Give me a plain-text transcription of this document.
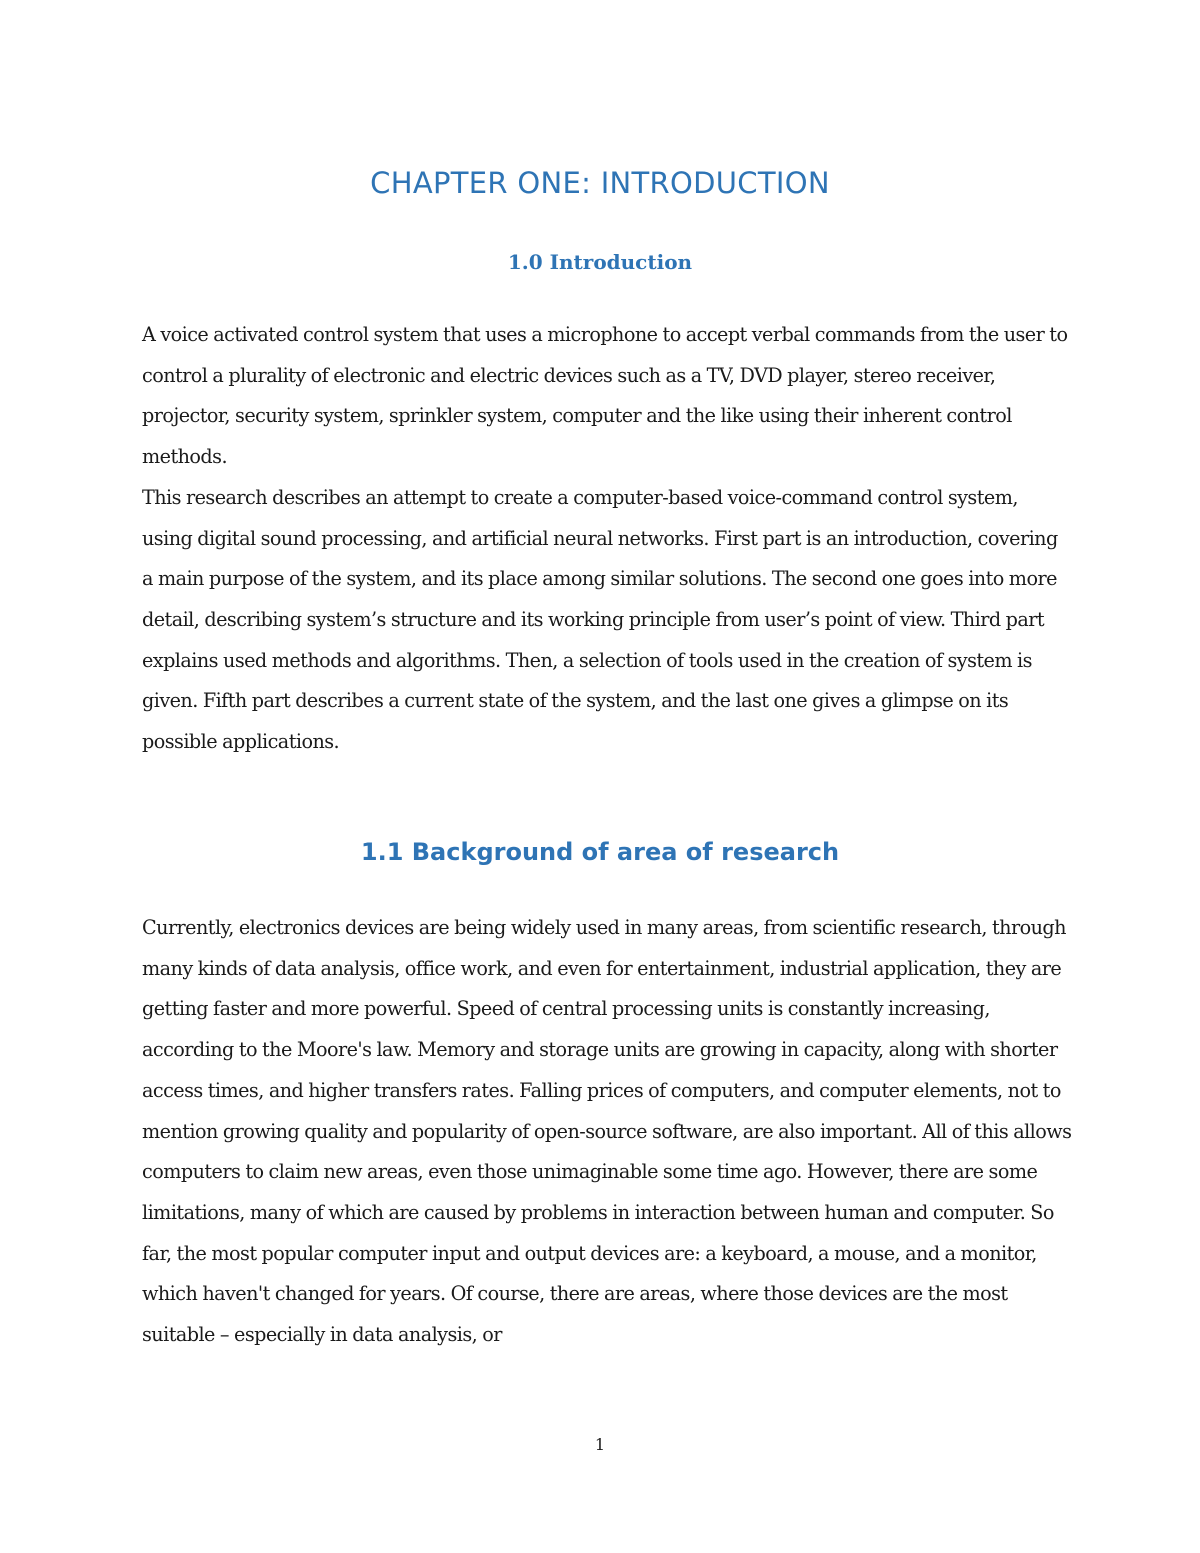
CHAPTER ONE: INTRODUCTION
1.0 Introduction

A voice activated control system that uses a microphone to accept verbal commands from the user to control a plurality of electronic and electric devices such as a TV, DVD player, stereo receiver, projector, security system, sprinkler system, computer and the like using their inherent control methods.

This research describes an attempt to create a computer-based voice-command control system, using digital sound processing, and artificial neural networks. First part is an introduction, covering a main purpose of the system, and its place among similar solutions. The second one goes into more detail, describing system’s structure and its working principle from user’s point of view. Third part explains used methods and algorithms. Then, a selection of tools used in the creation of system is given. Fifth part describes a current state of the system, and the last one gives a glimpse on its possible applications.

1.1 Background of area of research

Currently, electronics devices are being widely used in many areas, from scientific research, through many kinds of data analysis, office work, and even for entertainment, industrial application, they are getting faster and more powerful. Speed of central processing units is constantly increasing, according to the Moore's law. Memory and storage units are growing in capacity, along with shorter access times, and higher transfers rates. Falling prices of computers, and computer elements, not to mention growing quality and popularity of open-source software, are also important. All of this allows computers to claim new areas, even those unimaginable some time ago. However, there are some limitations, many of which are caused by problems in interaction between human and computer. So far, the most popular computer input and output devices are: a keyboard, a mouse, and a monitor, which haven't changed for years. Of course, there are areas, where those devices are the most suitable – especially in data analysis, or

1
